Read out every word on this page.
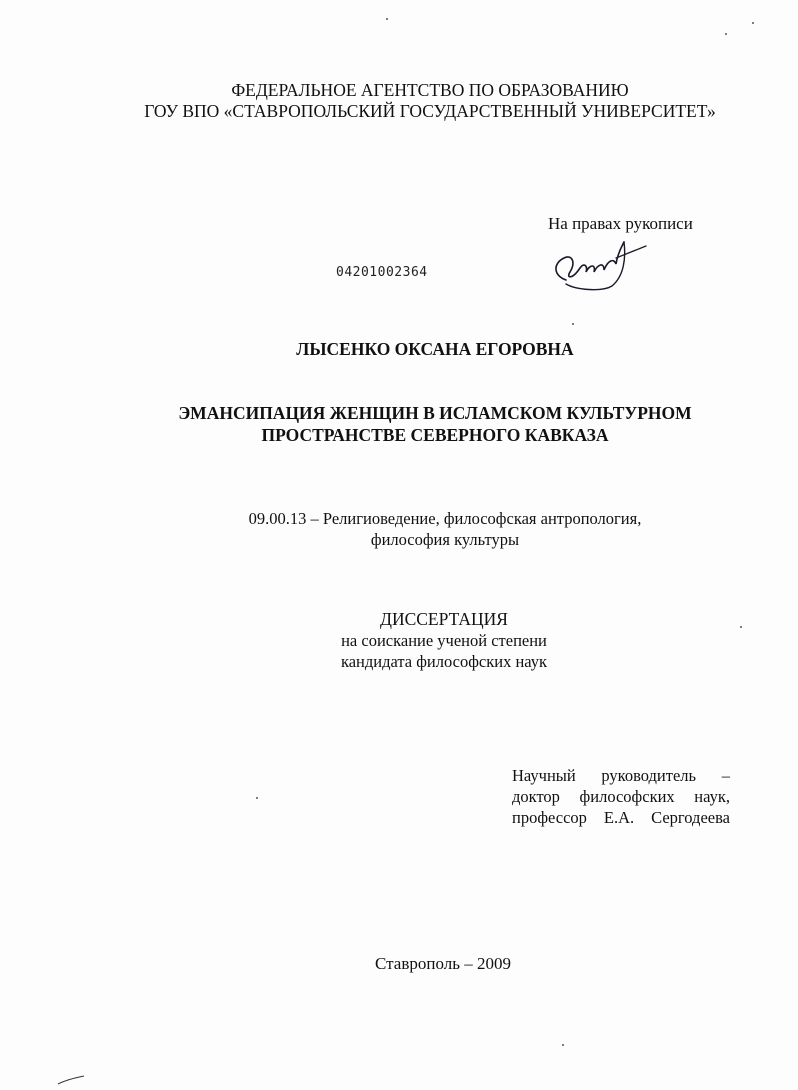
ФЕДЕРАЛЬНОЕ АГЕНТСТВО ПО ОБРАЗОВАНИЮ
ГОУ ВПО «СТАВРОПОЛЬСКИЙ ГОСУДАРСТВЕННЫЙ УНИВЕРСИТЕТ»
На правах рукописи
04201002364
ЛЫСЕНКО ОКСАНА ЕГОРОВНА
ЭМАНСИПАЦИЯ ЖЕНЩИН В ИСЛАМСКОМ КУЛЬТУРНОМ
ПРОСТРАНСТВЕ СЕВЕРНОГО КАВКАЗА
09.00.13 – Религиоведение, философская антропология,
философия культуры
ДИССЕРТАЦИЯ
на соискание ученой степени
кандидата философских наук
Научный руководитель –
доктор философских наук,
профессор Е.А. Сергодеева
Ставрополь – 2009
